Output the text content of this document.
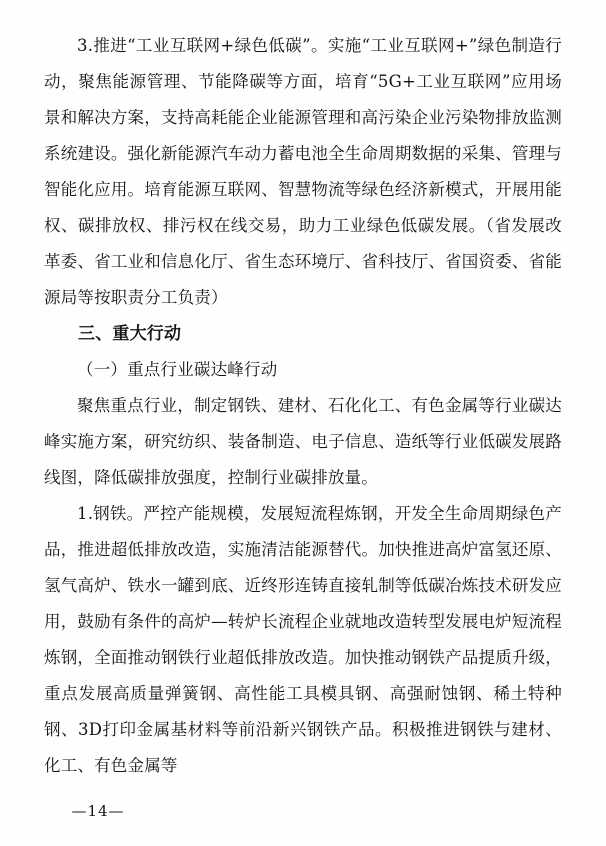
3.推进“工业互联网+绿色低碳”。实施“工业互联网+”绿色制造行动，聚焦能源管理、节能降碳等方面，培育“5G+工业互联网”应用场景和解决方案，支持高耗能企业能源管理和高污染企业污染物排放监测系统建设。强化新能源汽车动力蓄电池全生命周期数据的采集、管理与智能化应用。培育能源互联网、智慧物流等绿色经济新模式，开展用能权、碳排放权、排污权在线交易，助力工业绿色低碳发展。（省发展改革委、省工业和信息化厅、省生态环境厅、省科技厅、省国资委、省能源局等按职责分工负责）

三、重大行动

（一）重点行业碳达峰行动

聚焦重点行业，制定钢铁、建材、石化化工、有色金属等行业碳达峰实施方案，研究纺织、装备制造、电子信息、造纸等行业低碳发展路线图，降低碳排放强度，控制行业碳排放量。

1.钢铁。严控产能规模，发展短流程炼钢，开发全生命周期绿色产品，推进超低排放改造，实施清洁能源替代。加快推进高炉富氢还原、氢气高炉、铁水一罐到底、近终形连铸直接轧制等低碳冶炼技术研发应用，鼓励有条件的高炉—转炉长流程企业就地改造转型发展电炉短流程炼钢，全面推动钢铁行业超低排放改造。加快推动钢铁产品提质升级，重点发展高质量弹簧钢、高性能工具模具钢、高强耐蚀钢、稀土特种钢、3D打印金属基材料等前沿新兴钢铁产品。积极推进钢铁与建材、化工、有色金属等

—14—
